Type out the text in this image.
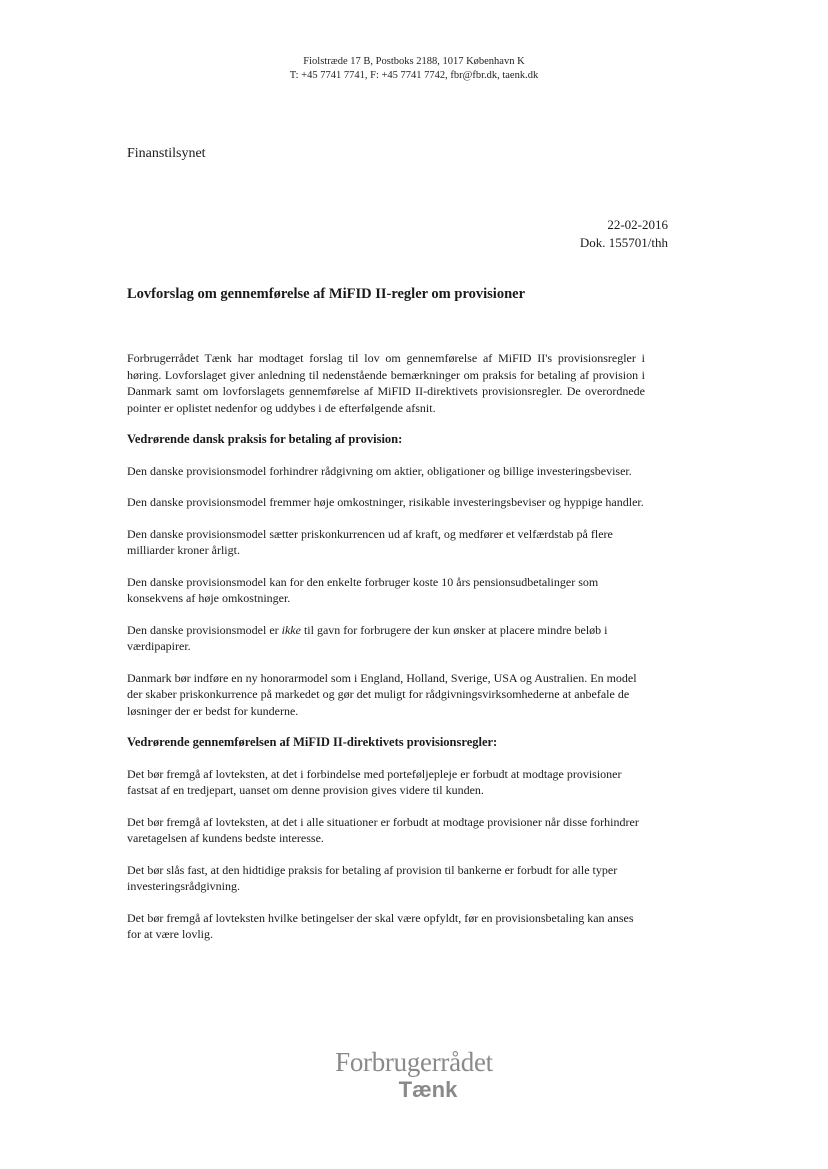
Fiolstræde 17 B, Postboks 2188, 1017 København K
T: +45 7741 7741, F: +45 7741 7742, fbr@fbr.dk, taenk.dk
Finanstilsynet
22-02-2016
Dok. 155701/thh
Lovforslag om gennemførelse af MiFID II-regler om provisioner

Forbrugerrådet Tænk har modtaget forslag til lov om gennemførelse af MiFID II's provisionsregler i høring. Lovforslaget giver anledning til nedenstående bemærkninger om praksis for betaling af provision i Danmark samt om lovforslagets gennemførelse af MiFID II-direktivets provisionsregler. De overordnede pointer er oplistet nedenfor og uddybes i de efterfølgende afsnit.

Vedrørende dansk praksis for betaling af provision:

Den danske provisionsmodel forhindrer rådgivning om aktier, obligationer og billige investeringsbeviser.

Den danske provisionsmodel fremmer høje omkostninger, risikable investeringsbeviser og hyppige handler.

Den danske provisionsmodel sætter priskonkurrencen ud af kraft, og medfører et velfærdstab på flere milliarder kroner årligt.

Den danske provisionsmodel kan for den enkelte forbruger koste 10 års pensionsudbetalinger som konsekvens af høje omkostninger.

Den danske provisionsmodel er ikke til gavn for forbrugere der kun ønsker at placere mindre beløb i værdipapirer.

Danmark bør indføre en ny honorarmodel som i England, Holland, Sverige, USA og Australien. En model der skaber priskonkurrence på markedet og gør det muligt for rådgivningsvirksomhederne at anbefale de løsninger der er bedst for kunderne.

Vedrørende gennemførelsen af MiFID II-direktivets provisionsregler:

Det bør fremgå af lovteksten, at det i forbindelse med porteføljepleje er forbudt at modtage provisioner fastsat af en tredjepart, uanset om denne provision gives videre til kunden.

Det bør fremgå af lovteksten, at det i alle situationer er forbudt at modtage provisioner når disse forhindrer varetagelsen af kundens bedste interesse.

Det bør slås fast, at den hidtidige praksis for betaling af provision til bankerne er forbudt for alle typer investeringsrådgivning.

Det bør fremgå af lovteksten hvilke betingelser der skal være opfyldt, før en provisionsbetaling kan anses for at være lovlig.

Forbrugerrådet
Tænk
